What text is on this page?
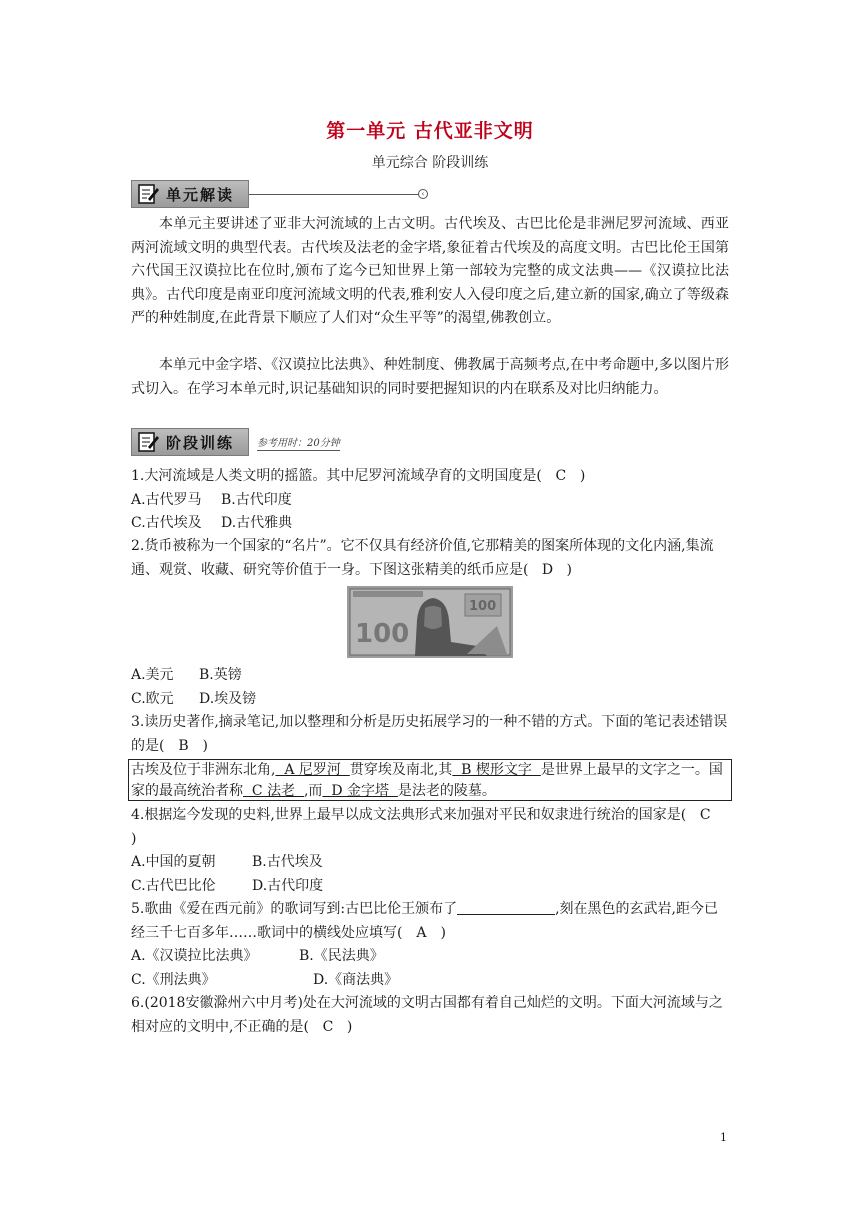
第一单元 古代亚非文明
单元综合 阶段训练
单元解读	‹
本单元主要讲述了亚非大河流域的上古文明。古代埃及、古巴比伦是非洲尼罗河流域、西亚两河流域文明的典型代表。古代埃及法老的金字塔,象征着古代埃及的高度文明。古巴比伦王国第六代国王汉谟拉比在位时,颁布了迄今已知世界上第一部较为完整的成文法典——《汉谟拉比法典》。古代印度是南亚印度河流域文明的代表,雅利安人入侵印度之后,建立新的国家,确立了等级森严的种姓制度,在此背景下顺应了人们对“众生平等”的渴望,佛教创立。
本单元中金字塔、《汉谟拉比法典》、种姓制度、佛教属于高频考点,在中考命题中,多以图片形式切入。在学习本单元时,识记基础知识的同时要把握知识的内在联系及对比归纳能力。
阶段训练 参考用时：20分钟
1.大河流域是人类文明的摇篮。其中尼罗河流域孕育的文明国度是( C )
A.古代罗马	B.古代印度
C.古代埃及	D.古代雅典
2.货币被称为一个国家的“名片”。它不仅具有经济价值,它那精美的图案所体现的文化内涵,集流通、观赏、收藏、研究等价值于一身。下图这张精美的纸币应是( D )
100
100
A.美元	B.英镑
C.欧元	D.埃及镑
3.读历史著作,摘录笔记,加以整理和分析是历史拓展学习的一种不错的方式。下面的笔记表述错误的是( B )
古埃及位于非洲东北角,  A 尼罗河  贯穿埃及南北,其  B 楔形文字  是世界上最早的文字之一。国家的最高统治者称  C 法老  ,而  D 金字塔  是法老的陵墓。
4.根据迄今发现的史料,世界上最早以成文法典形式来加强对平民和奴隶进行统治的国家是( C)
A.中国的夏朝	B.古代埃及
C.古代巴比伦	D.古代印度
5.歌曲《爱在西元前》的歌词写到:古巴比伦王颁布了	,刻在黑色的玄武岩,距今已经三千七百多年……歌词中的横线处应填写( A )
A.《汉谟拉比法典》	B.《民法典》
C.《刑法典》	D.《商法典》
6.(2018安徽滁州六中月考)处在大河流域的文明古国都有着自己灿烂的文明。下面大河流域与之相对应的文明中,不正确的是( C )
1
